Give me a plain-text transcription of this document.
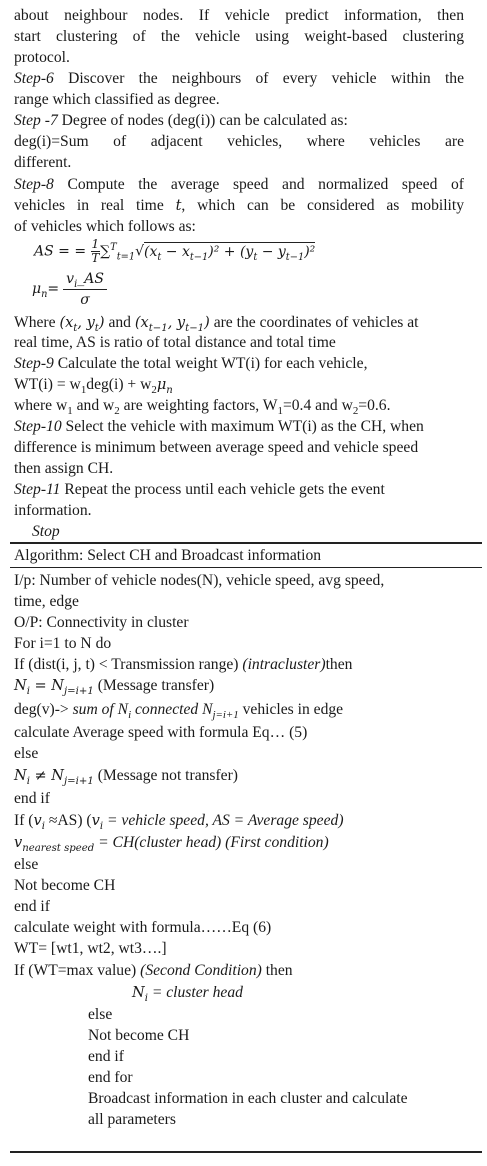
about neighbour nodes. If vehicle predict information, then
start clustering of the vehicle using weight-based clustering
protocol.
Step-6 Discover the neighbours of every vehicle within the
range which classified as degree.
Step -7 Degree of nodes (deg(i)) can be calculated as:
deg(i)=Sum of adjacent vehicles, where vehicles are
different.
Step-8 Compute the average speed and normalized speed of
vehicles in real time t, which can be considered as mobility
of vehicles which follows as:
AS = = $\frac{1}{T} \sum^T_{t=1}√(x_t - x_{t-1})^2 + (y_t - y_{t-1})^2$
$\mu_n= \frac{v_i\_AS}{\sigma}$
Where ($x_t$, $y_t$) and ($x_{t-1}$, $y_{t-1}$) are the coordinates of vehicles at
real time, AS is ratio of total distance and total time
Step-9 Calculate the total weight WT(i) for each vehicle,
$WT(i) = w_1deg(i) + w_2\mu_n$
where $w_1$ and $w_2$ are weighting factors, $W_1=0.4$ and $w_2=0.6$.
Step-10 Select the vehicle with maximum WT(i) as the CH, when
difference is minimum between average speed and vehicle speed
then assign CH.
Step-11 Repeat the process until each vehicle gets the event
information.
Stop
Algorithm: Select CH and Broadcast information
I/p: Number of vehicle nodes(N), vehicle speed, avg speed,
time, edge
O/P: Connectivity in cluster
For i=1 to N do
If (dist(i, j, t) < Transmission range) (intracluster)then
$N_i = N_{j=i+1}$ (Message transfer)
deg(v)-> sum of $N_i$ connected $N_{j=i+1}$ vehicles in edge
calculate Average speed with formula Eq… (5)
else
$N_i \ne N_{j=i+1}$ (Message not transfer)
end if
If $(v_i \approx AS) (v_i$ = vehicle speed, AS = Average speed)
$v_{nearest speed}$ = CH(cluster head) (First condition)
else
Not become CH
end if
calculate weight with formula……Eq (6)
WT= [wt1, wt2, wt3….]
If (WT=max value) (Second Condition) then
$N_i$ = cluster head
else
Not become CH
end if
end for
Broadcast information in each cluster and calculate
all parameters
